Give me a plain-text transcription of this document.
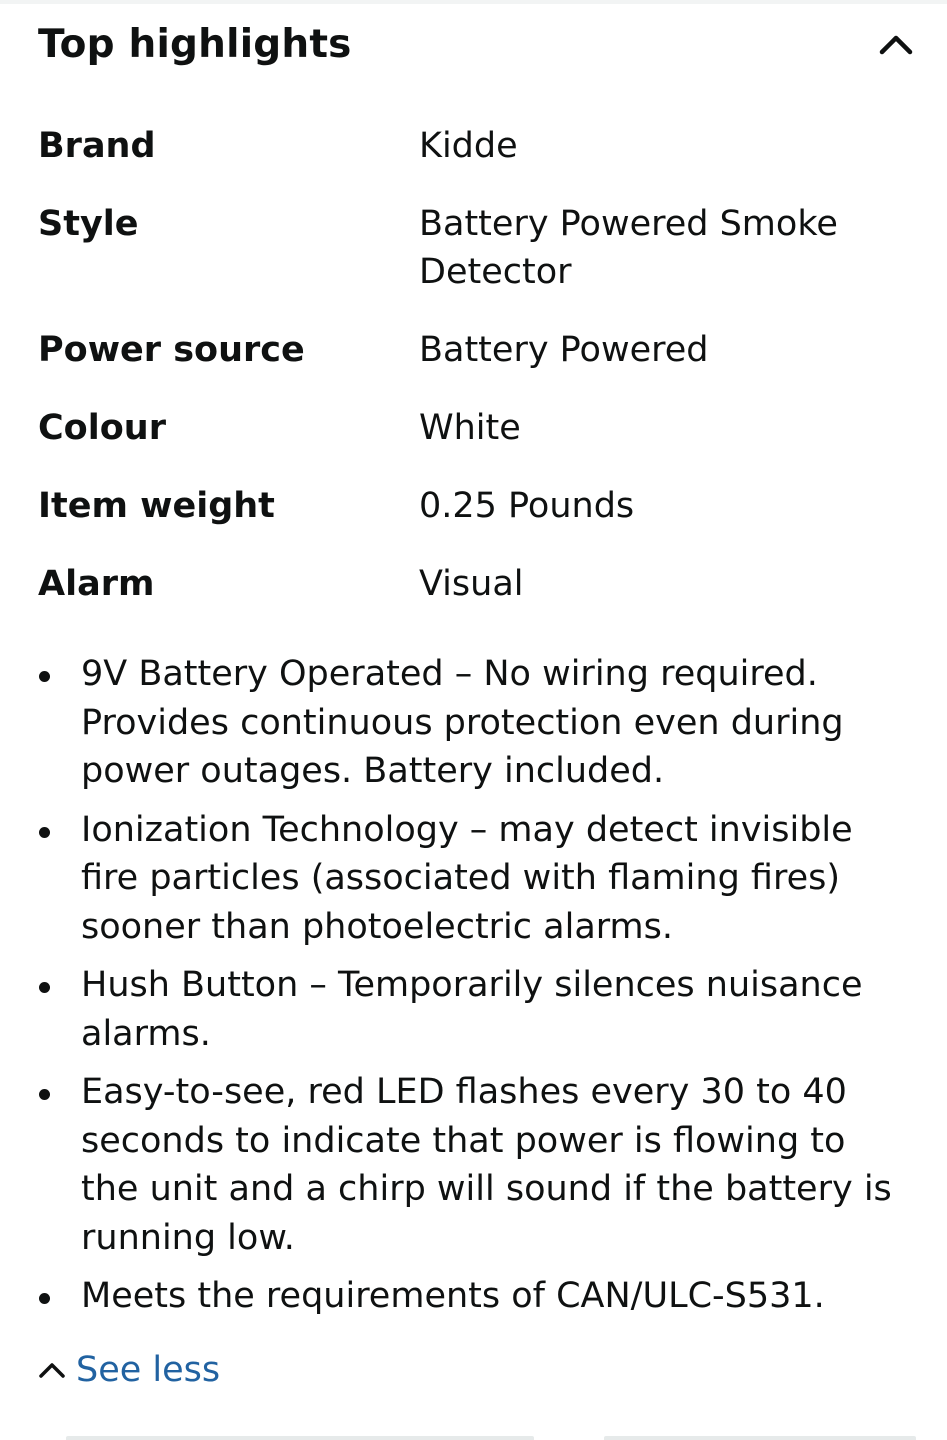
Top highlights
Brand	Kidde
Style	Battery Powered Smoke Detector
Power source	Battery Powered
Colour	White
Item weight	0.25 Pounds
Alarm	Visual
9V Battery Operated – No wiring required. Provides continuous protection even during power outages. Battery included.
Ionization Technology – may detect invisible fire particles (associated with flaming fires) sooner than photoelectric alarms.
Hush Button – Temporarily silences nuisance alarms.
Easy-to-see, red LED flashes every 30 to 40 seconds to indicate that power is flowing to the unit and a chirp will sound if the battery is running low.
Meets the requirements of CAN/ULC-S531.
See less
